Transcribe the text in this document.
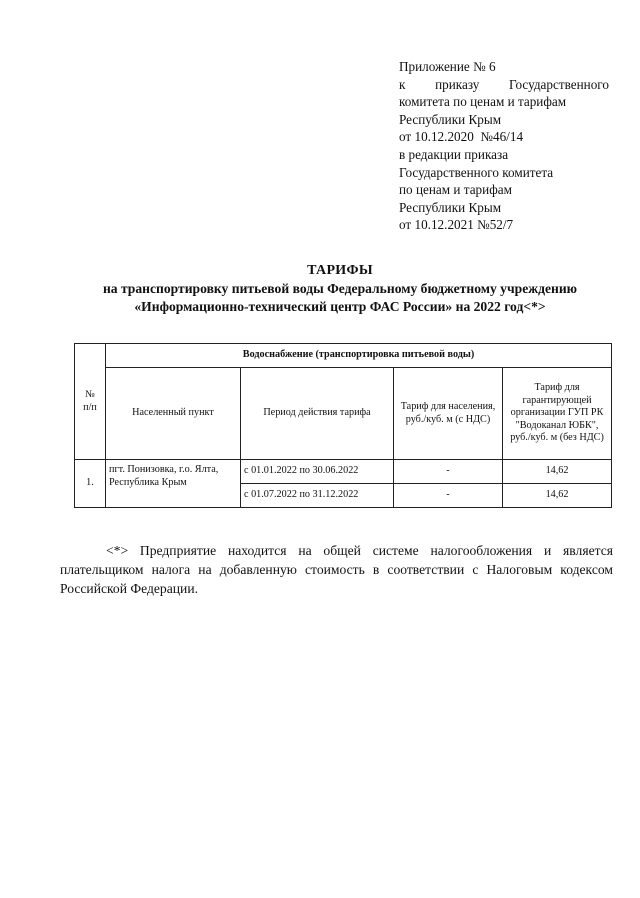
Приложение № 6
к приказу Государственного
комитета по ценам и тарифам
Республики Крым
от 10.12.2020  №46/14
в редакции приказа
Государственного комитета
по ценам и тарифам
Республики Крым
от 10.12.2021 №52/7
ТАРИФЫ
на транспортировку питьевой воды Федеральному бюджетному учреждению
«Информационно-технический центр ФАС России» на 2022 год<*>
№ п/п	Водоснабжение (транспортировка питьевой воды)			
	Населенный пункт	Период действия тарифа	Тариф для населения, руб./куб. м (с НДС)	Тариф для гарантирующей организации ГУП РК "Водоканал ЮБК", руб./куб. м (без НДС)
1.	пгт. Понизовка, г.о. Ялта, Республика Крым	с 01.01.2022 по 30.06.2022	-	14,62
		с 01.07.2022 по 31.12.2022	-	14,62

<*> Предприятие находится на общей системе налогообложения и является плательщиком налога на добавленную стоимость в соответствии с Налоговым кодексом Российской Федерации.
